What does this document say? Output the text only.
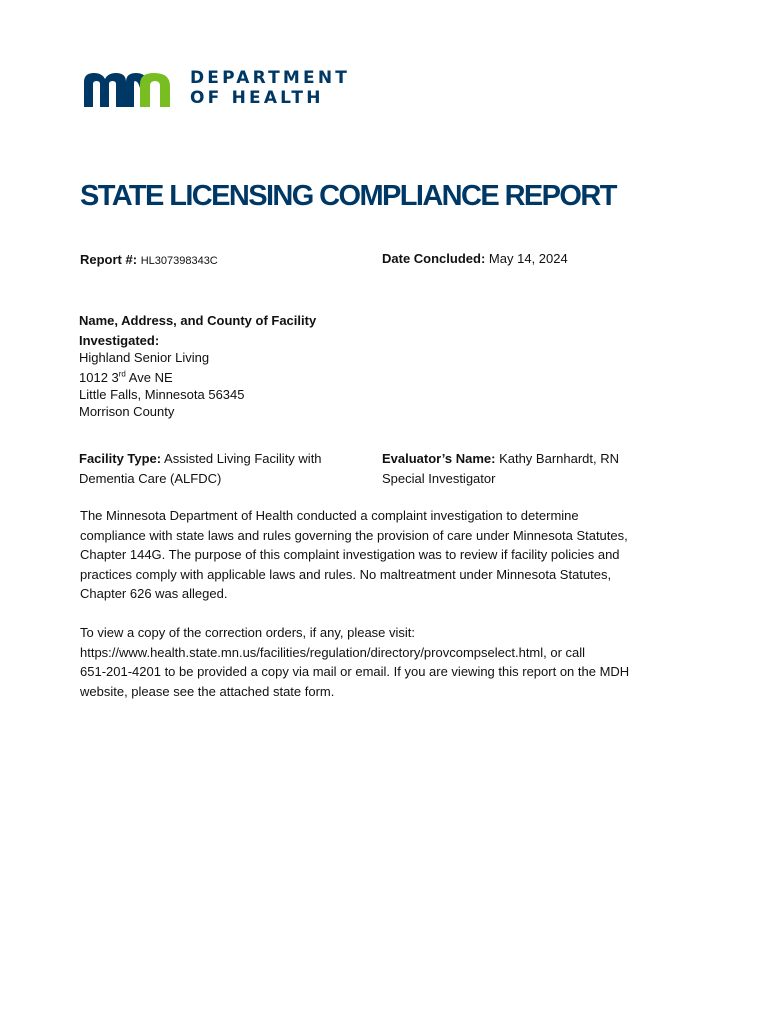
DEPARTMENT
OF HEALTH
STATE LICENSING COMPLIANCE REPORT
Report #: HL307398343C	Date Concluded: May 14, 2024
Name, Address, and County of Facility
Investigated:
Highland Senior Living
1012 3rd Ave NE
Little Falls, Minnesota 56345
Morrison County
Facility Type: Assisted Living Facility with
Dementia Care (ALFDC)
Evaluator’s Name: Kathy Barnhardt, RN
Special Investigator

The Minnesota Department of Health conducted a complaint investigation to determine
compliance with state laws and rules governing the provision of care under Minnesota Statutes,
Chapter 144G. The purpose of this complaint investigation was to review if facility policies and
practices comply with applicable laws and rules. No maltreatment under Minnesota Statutes,
Chapter 626 was alleged.

To view a copy of the correction orders, if any, please visit:
https://www.health.state.mn.us/facilities/regulation/directory/provcompselect.html, or call
651-201-4201 to be provided a copy via mail or email. If you are viewing this report on the MDH
website, please see the attached state form.
